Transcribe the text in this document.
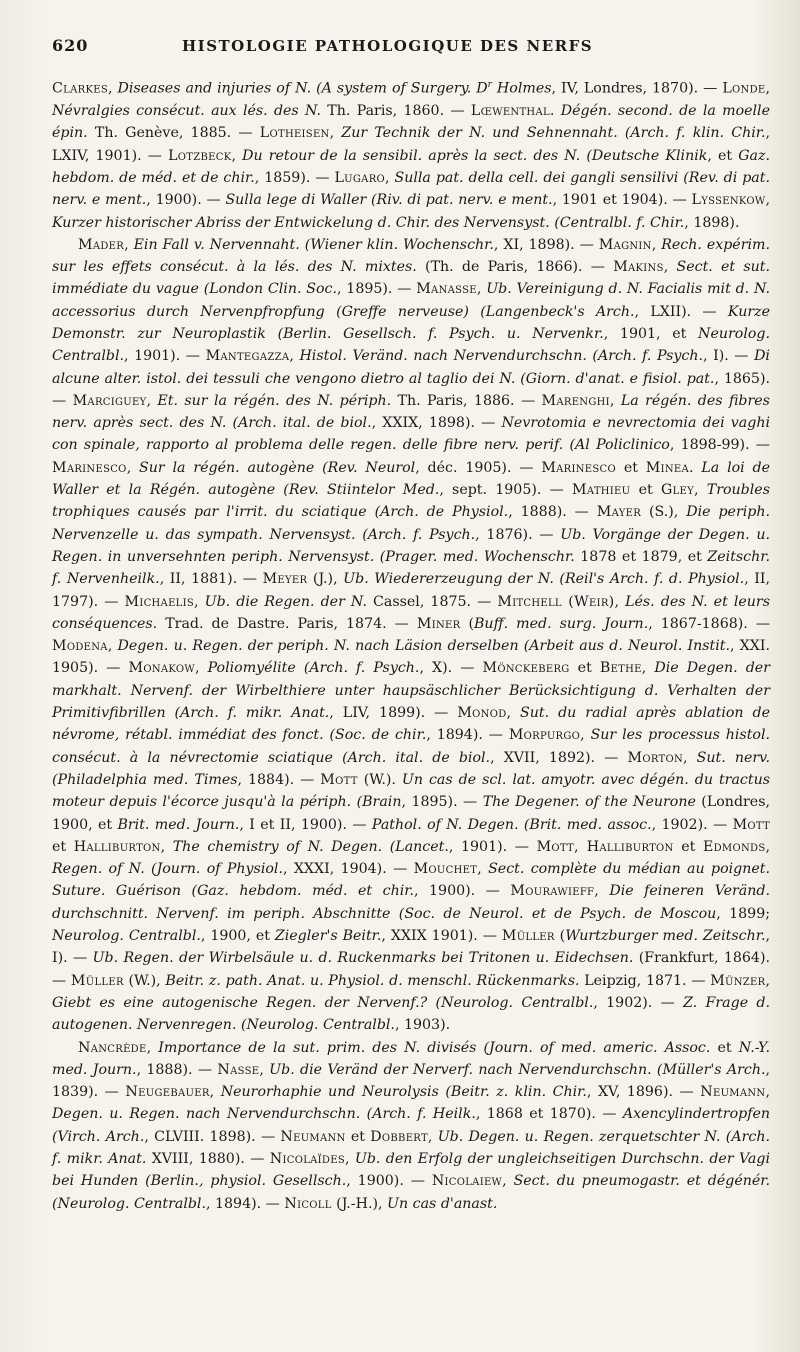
620	HISTOLOGIE PATHOLOGIQUE DES NERFS

Clarkes, Diseases and injuries of N. (A system of Surgery. $D^r$ Holmes, IV, Londres, 1870). — Londe, Névralgies consécut. aux lés. des N. Th. Paris, 1860. — Lœwenthal. Dégén. second. de la moelle épin. Th. Genève, 1885. — Lotheisen, Zur Technik der N. und Sehnennaht. (Arch. f. klin. Chir., LXIV, 1901). — Lotzbeck, Du retour de la sensibil. après la sect. des N. (Deutsche Klinik, et Gaz. hebdom. de méd. et de chir., 1859). — Lugaro, Sulla pat. della cell. dei gangli sensilivi (Rev. di pat. nerv. e ment., 1900). — Sulla lege di Waller (Riv. di pat. nerv. e ment., 1901 et 1904). — Lyssenkow, Kurzer historischer Abriss der Entwickelung d. Chir. des Nervensyst. (Centralbl. f. Chir., 1898).

Mader, Ein Fall v. Nervennaht. (Wiener klin. Wochenschr., XI, 1898). — Magnin, Rech. expérim. sur les effets consécut. à la lés. des N. mixtes. (Th. de Paris, 1866). — Makins, Sect. et sut. immédiate du vague (London Clin. Soc., 1895). — Manasse, Ub. Vereinigung d. N. Facialis mit d. N. accessorius durch Nervenpfropfung (Greffe nerveuse) (Langenbeck's Arch., LXII). — Kurze Demonstr. zur Neuroplastik (Berlin. Gesellsch. f. Psych. u. Nervenkr., 1901, et Neurolog. Centralbl., 1901). — Mantegazza, Histol. Veränd. nach Nervendurchschn. (Arch. f. Psych., I). — Di alcune alter. istol. dei tessuli che vengono dietro al taglio dei N. (Giorn. d'anat. e fisiol. pat., 1865). — Marciguey, Et. sur la régén. des N. périph. Th. Paris, 1886. — Marenghi, La régén. des fibres nerv. après sect. des N. (Arch. ital. de biol., XXIX, 1898). — Nevrotomia e nevrectomia dei vaghi con spinale, rapporto al problema delle regen. delle fibre nerv. perif. (Al Policlinico, 1898-99). — Marinesco, Sur la régén. autogène (Rev. Neurol, déc. 1905). — Marinesco et Minea. La loi de Waller et la Régén. autogène (Rev. Stiintelor Med., sept. 1905). — Mathieu et Gley, Troubles trophiques causés par l'irrit. du sciatique (Arch. de Physiol., 1888). — Mayer (S.), Die periph. Nervenzelle u. das sympath. Nervensyst. (Arch. f. Psych., 1876). — Ub. Vorgänge der Degen. u. Regen. in unversehnten periph. Nervensyst. (Prager. med. Wochenschr. 1878 et 1879, et Zeitschr. f. Nervenheilk., II, 1881). — Meyer (J.), Ub. Wiedererzeugung der N. (Reil's Arch. f. d. Physiol., II, 1797). — Michaelis, Ub. die Regen. der N. Cassel, 1875. — Mitchell (Weir), Lés. des N. et leurs conséquences. Trad. de Dastre. Paris, 1874. — Miner (Buff. med. surg. Journ., 1867-1868). — Modena, Degen. u. Regen. der periph. N. nach Läsion derselben (Arbeit aus d. Neurol. Instit., XXI. 1905). — Monakow, Poliomyélite (Arch. f. Psych., X). — Mönckeberg et Bethe, Die Degen. der markhalt. Nervenf. der Wirbelthiere unter haupsäschlicher Berücksichtigung d. Verhalten der Primitivfibrillen (Arch. f. mikr. Anat., LIV, 1899). — Monod, Sut. du radial après ablation de névrome, rétabl. immédiat des fonct. (Soc. de chir., 1894). — Morpurgo, Sur les processus histol. consécut. à la névrectomie sciatique (Arch. ital. de biol., XVII, 1892). — Morton, Sut. nerv. (Philadelphia med. Times, 1884). — Mott (W.). Un cas de scl. lat. amyotr. avec dégén. du tractus moteur depuis l'écorce jusqu'à la périph. (Brain, 1895). — The Degener. of the Neurone (Londres, 1900, et Brit. med. Journ., I et II, 1900). — Pathol. of N. Degen. (Brit. med. assoc., 1902). — Mott et Halliburton, The chemistry of N. Degen. (Lancet., 1901). — Mott, Halliburton et Edmonds, Regen. of N. (Journ. of Physiol., XXXI, 1904). — Mouchet, Sect. complète du médian au poignet. Suture. Guérison (Gaz. hebdom. méd. et chir., 1900). — Mourawieff, Die feineren Veränd. durchschnitt. Nervenf. im periph. Abschnitte (Soc. de Neurol. et de Psych. de Moscou, 1899; Neurolog. Centralbl., 1900, et Ziegler's Beitr., XXIX 1901). — Müller (Wurtzburger med. Zeitschr., I). — Ub. Regen. der Wirbelsäule u. d. Ruckenmarks bei Tritonen u. Eidechsen. (Frankfurt, 1864). — Müller (W.), Beitr. z. path. Anat. u. Physiol. d. menschl. Rückenmarks. Leipzig, 1871. — Münzer, Giebt es eine autogenische Regen. der Nervenf.? (Neurolog. Centralbl., 1902). — Z. Frage d. autogenen. Nervenregen. (Neurolog. Centralbl., 1903).

Nancrède, Importance de la sut. prim. des N. divisés (Journ. of med. americ. Assoc. et N.-Y. med. Journ., 1888). — Nasse, Ub. die Veränd der Nerverf. nach Nervendurchschn. (Müller's Arch., 1839). — Neugebauer, Neurorhaphie und Neurolysis (Beitr. z. klin. Chir., XV, 1896). — Neumann, Degen. u. Regen. nach Nervendurchschn. (Arch. f. Heilk., 1868 et 1870). — Axencylindertropfen (Virch. Arch., CLVIII. 1898). — Neumann et Dobbert, Ub. Degen. u. Regen. zerquetschter N. (Arch. f. mikr. Anat. XVIII, 1880). — Nicolaïdes, Ub. den Erfolg der ungleichseitigen Durchschn. der Vagi bei Hunden (Berlin., physiol. Gesellsch., 1900). — Nicolaiew, Sect. du pneumogastr. et dégénér. (Neurolog. Centralbl., 1894). — Nicoll (J.-H.), Un cas d'anast.
